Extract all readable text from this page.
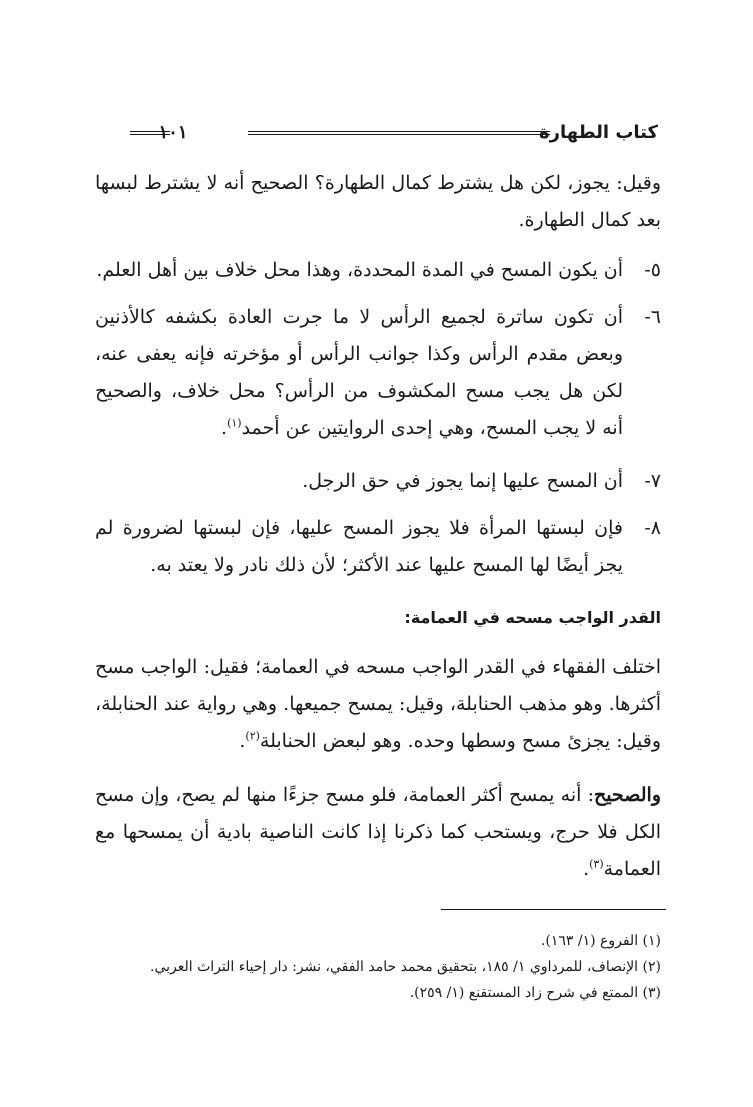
كتاب الطهارة
١٠١
وقيل: يجوز، لكن هل يشترط كمال الطهارة؟ الصحيح أنه لا يشترط لبسها بعد كمال الطهارة.
٥-
أن يكون المسح في المدة المحددة، وهذا محل خلاف بين أهل العلم.
٦-
أن تكون ساترة لجميع الرأس لا ما جرت العادة بكشفه كالأذنين وبعض مقدم الرأس وكذا جوانب الرأس أو مؤخرته فإنه يعفى عنه، لكن هل يجب مسح المكشوف من الرأس؟ محل خلاف، والصحيح أنه لا يجب المسح، وهي إحدى الروايتين عن أحمد$^{(١)}$.
٧-
أن المسح عليها إنما يجوز في حق الرجل.
٨-
فإن لبستها المرأة فلا يجوز المسح عليها، فإن لبستها لضرورة لم يجز أيضًا لها المسح عليها عند الأكثر؛ لأن ذلك نادر ولا يعتد به.
القدر الواجب مسحه في العمامة:
اختلف الفقهاء في القدر الواجب مسحه في العمامة؛ فقيل: الواجب مسح أكثرها. وهو مذهب الحنابلة، وقيل: يمسح جميعها. وهي رواية عند الحنابلة، وقيل: يجزئ مسح وسطها وحده. وهو لبعض الحنابلة$^{(٢)}$.
والصحيح: أنه يمسح أكثر العمامة، فلو مسح جزءًا منها لم يصح، وإن مسح الكل فلا حرج، ويستحب كما ذكرنا إذا كانت الناصية بادية أن يمسحها مع العمامة$^{(٣)}$.
(١) الفروع (١/ ١٦٣).
(٢) الإنصاف، للمرداوي ١/ ١٨٥، بتحقيق محمد حامد الفقي، نشر: دار إحياء التراث العربي.
(٣) الممتع في شرح زاد المستقنع (١/ ٢٥٩).
